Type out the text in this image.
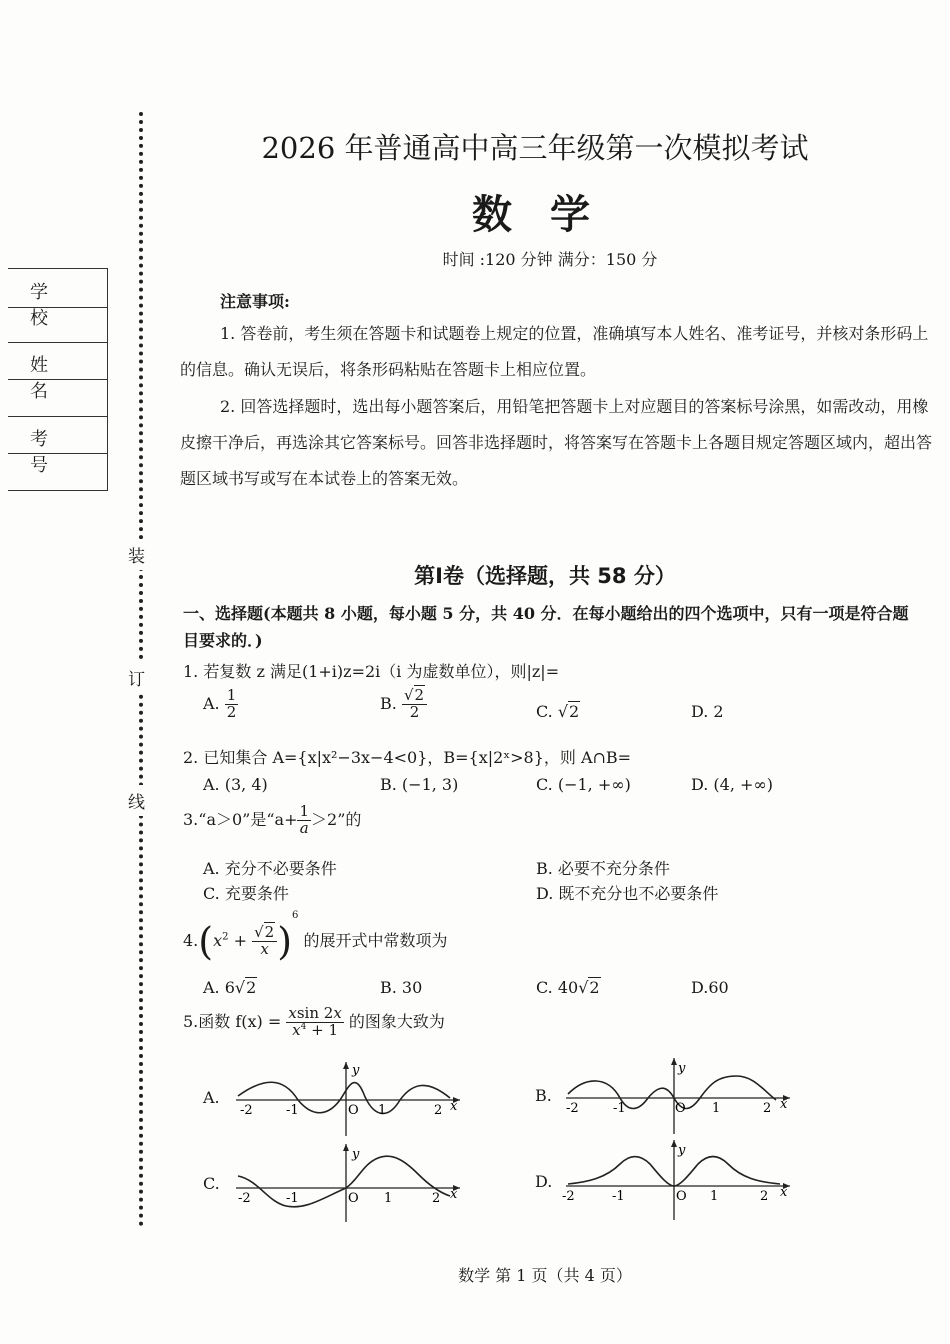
装
订
线
学 校
姓 名
考 号
2026 年普通高中高三年级第一次模拟考试
数学
时间 :120 分钟 满分：150 分
注意事项:
1. 答卷前，考生须在答题卡和试题卷上规定的位置，准确填写本人姓名、准考证号，并核对条形码上的信息。确认无误后，将条形码粘贴在答题卡上相应位置。
2. 回答选择题时，选出每小题答案后，用铅笔把答题卡上对应题目的答案标号涂黑，如需改动，用橡皮擦干净后，再选涂其它答案标号。回答非选择题时，将答案写在答题卡上各题目规定答题区域内，超出答题区域书写或写在本试卷上的答案无效。
第Ⅰ卷（选择题，共 58 分）
一、选择题(本题共 8 小题，每小题 5 分，共 40 分．在每小题给出的四个选项中，只有一项是符合题目要求的．)
1. 若复数 z 满足(1+i)z=2i（i 为虚数单位），则|z|=
A. $\frac{1}{2}$	B. $\frac{√2}{2}$	C. √2	D. 2
2. 已知集合 A={x|x²−3x−4<0}，B={x|2ˣ>8}，则 A∩B=
A. (3, 4)	B. (−1, 3)	C. (−1, +∞)	D. (4, +∞)
3.“a＞0”是“$a+ \frac{1}{a} >2$”的
A. 充分不必要条件	B. 必要不充分条件
C. 充要条件	D. 既不充分也不必要条件
$4.(x^2 + \frac{√2}{x} )^6$ 的展开式中常数项为
A. 6√2	B. 30	C. 40√2	D.60
5.函数 $f(x) = \frac{xsin 2x}{x^4 + 1}$ 的图象大致为
A.	B.
C.	D.
y
-2	-1	O 1	2 x
y
-2	-1	O 1	2 x
y
-2	-1	O 1	2 x
y
-2	-1	O 1	2 x
数学 第 1 页（共 4 页）
